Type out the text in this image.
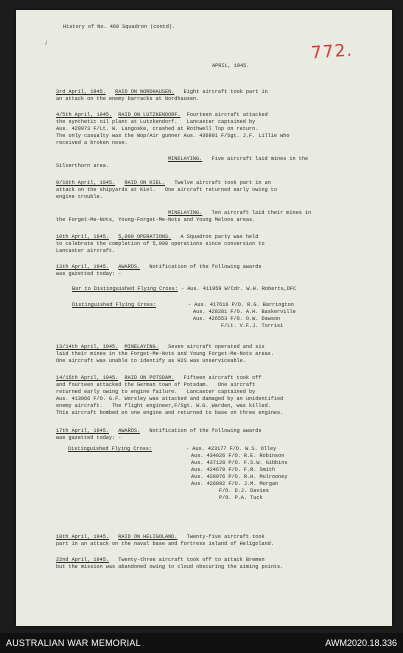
✓
History of No. 460 Squadron (contd).
APRIL, 1945.
772.
3rd April, 1945. RAID ON NORDHAUSEN. Eight aircraft took part in
an attack on the enemy barracks at Nordhausen.
4/5th April, 1945. RAID ON LUTZKENDORF. Fourteen aircraft attacked
the synthetic oil plant at Lutzkendorf.   Lancaster captained by
Aus. 429973 F/Lt. W. Langoske, crashed at Rothwell Top on return.
The only casualty was the Wop/Air gunner Aus. 436801 F/Sgt. J.F. Lillie who
received a broken nose.
MINELAYING. Five aircraft laid mines in the
Silverthorn area.
9/10th April, 1945. RAID ON KIEL. Twelve aircraft took part in an
attack on the shipyards at Kiel.   One aircraft returned early owing to
engine trouble.
MINELAYING. Ten aircraft laid their mines in
the Forget-Me-Nots, Young-Forget-Me-Nots and Young Melons areas.
10th April, 1945. 5,000 OPERATIONS. A Squadron party was held
to celebrate the completion of 5,000 operations since conversion to
Lancaster aircraft.
13th April, 1945. AWARDS. Notification of the following awards
was gazetted today: -
Bar to Distinguished Flying Cross: - Aus. 411959 W/Cdr. W.H. Roberts,DFC
Distinguished Flying Cross:	- Aus. 417616 P/O. R.G. Barrington
Aus. 428281 F/O. A.H. Baskerville
Aus. 426553 F/O. O.W. Dawson
F/Lt. V.F.J. Torrisi
13/14th April, 1945. MINELAYING. Seven aircraft operated and six
laid their mines in the Forget-Me-Nots and Young Forget-Me-Nots areas.
One aircraft was unable to identify as H2S was unserviceable.
14/15th April, 1945. RAID ON POTSDAM. Fifteen aircraft took off
and fourteen attacked the German town of Potsdam.   One aircraft
returned early owing to engine failure.   Lancaster captained by
Aus. 413066 F/O. G.F. Worsley was attacked and damaged by an unidentified
enemy aircraft.   The flight engineer,F/Sgt. W.G. Warden, was killed.
This aircraft bombed on one engine and returned to base on three engines.
17th April, 1945. AWARDS. Notification of the following awards
was gazetted today: -
Distinguished Flying Cross:	- Aus. 423177 F/O. W.S. Olley
Aus. 434026 F/O. R.E. Robinson
Aus. 437128 P/O. F.S.W. Gibbins
Aus. 424679 F/O. F.R. Smith
Aus. 428976 P/O. R.H. Mulrooney
Aus. 426892 F/O. J.M. Morgan
F/O. D.J. Davies
P/O. P.A. Tuck
18th April, 1945. RAID ON HELIGOLAND. Twenty-five aircraft took
part in an attack on the naval base and fortress island of Heligoland.
22nd April, 1945. Twenty-three aircraft took off to attack Bremen
but the mission was abandoned owing to cloud obscuring the aiming points.
AUSTRALIAN WAR MEMORIAL	AWM2020.18.336
